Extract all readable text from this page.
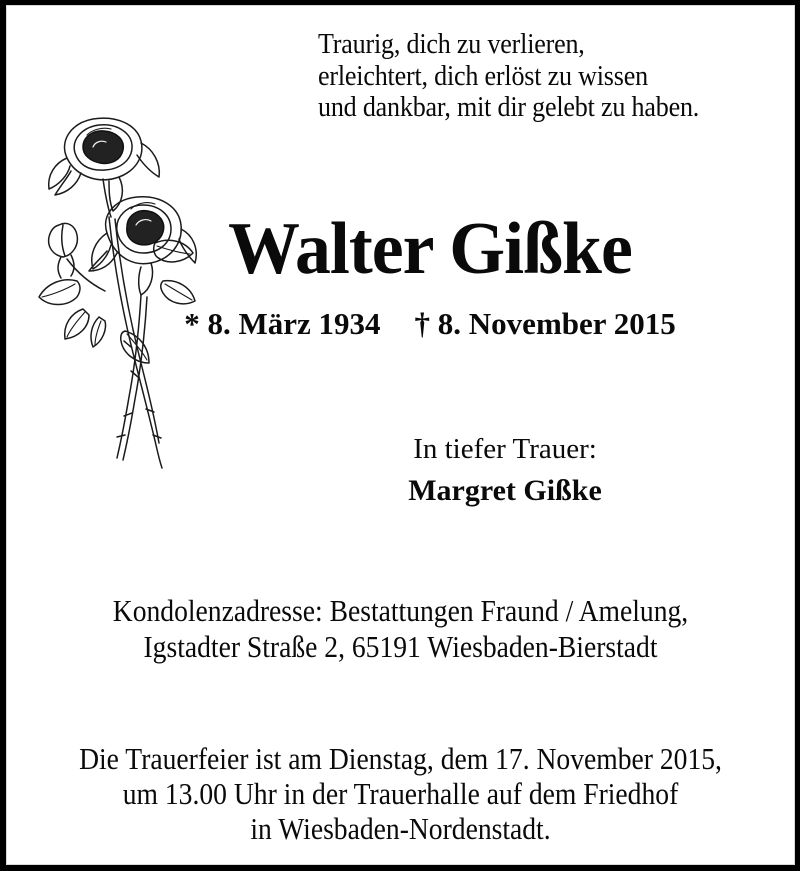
Traurig, dich zu verlieren,
erleichtert, dich erlöst zu wissen
und dankbar, mit dir gelebt zu haben.
Walter Gißke
* 8. März 1934 † 8. November 2015
In tiefer Trauer:
Margret Gißke
Kondolenzadresse: Bestattungen Fraund / Amelung,
Igstadter Straße 2, 65191 Wiesbaden-Bierstadt
Die Trauerfeier ist am Dienstag, dem 17. November 2015,
um 13.00 Uhr in der Trauerhalle auf dem Friedhof
in Wiesbaden-Nordenstadt.
